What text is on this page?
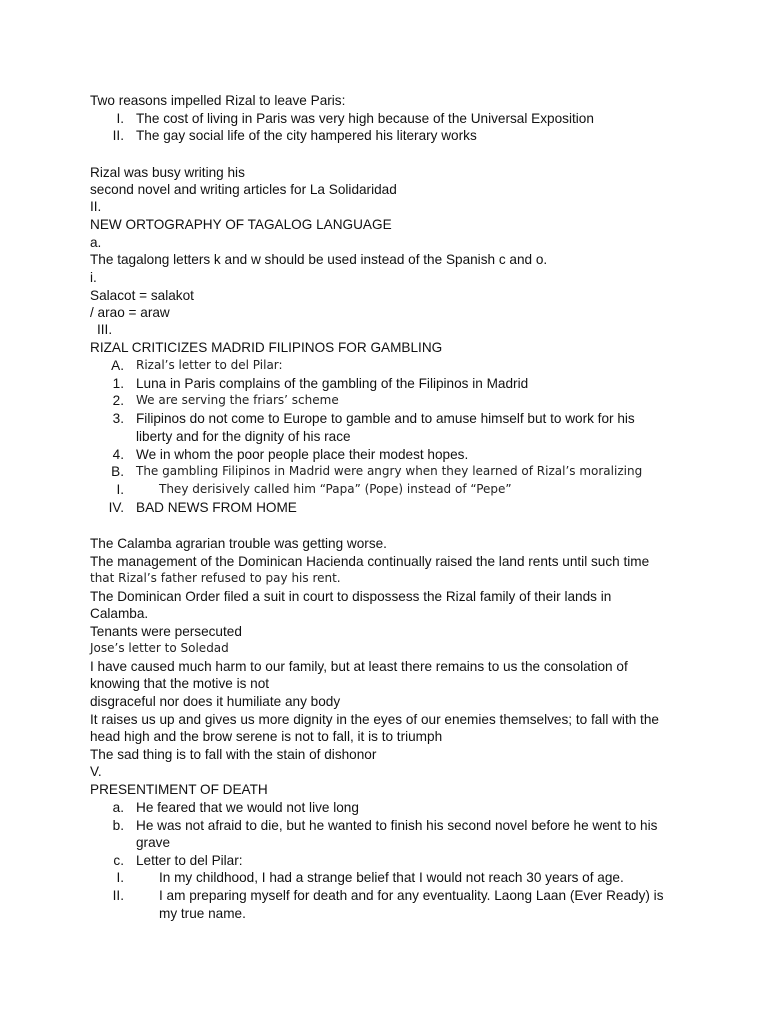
Two reasons impelled Rizal to leave Paris:
I. The cost of living in Paris was very high because of the Universal Exposition
II. The gay social life of the city hampered his literary works
Rizal was busy writing his
second novel and writing articles for La Solidaridad
II.
NEW ORTOGRAPHY OF TAGALOG LANGUAGE
a.
The tagalong letters k and w should be used instead of the Spanish c and o.
i.
Salacot = salakot
/ arao = araw
III.
RIZAL CRITICIZES MADRID FILIPINOS FOR GAMBLING
A. Rizal’s letter to del Pilar:
1. Luna in Paris complains of the gambling of the Filipinos in Madrid
2. We are serving the friars’ scheme
3. Filipinos do not come to Europe to gamble and to amuse himself but to work for his
liberty and for the dignity of his race
4. We in whom the poor people place their modest hopes.
B. The gambling Filipinos in Madrid were angry when they learned of Rizal’s moralizing
I.	They derisively called him “Papa” (Pope) instead of “Pepe”
IV. BAD NEWS FROM HOME
The Calamba agrarian trouble was getting worse.
The management of the Dominican Hacienda continually raised the land rents until such time
that Rizal’s father refused to pay his rent.
The Dominican Order filed a suit in court to dispossess the Rizal family of their lands in
Calamba.
Tenants were persecuted
Jose’s letter to Soledad
I have caused much harm to our family, but at least there remains to us the consolation of
knowing that the motive is not
disgraceful nor does it humiliate any body
It raises us up and gives us more dignity in the eyes of our enemies themselves; to fall with the
head high and the brow serene is not to fall, it is to triumph
The sad thing is to fall with the stain of dishonor
V.
PRESENTIMENT OF DEATH
a. He feared that we would not live long
b. He was not afraid to die, but he wanted to finish his second novel before he went to his
grave
c. Letter to del Pilar:
I.	In my childhood, I had a strange belief that I would not reach 30 years of age.
II.	I am preparing myself for death and for any eventuality. Laong Laan (Ever Ready) is
my true name.
